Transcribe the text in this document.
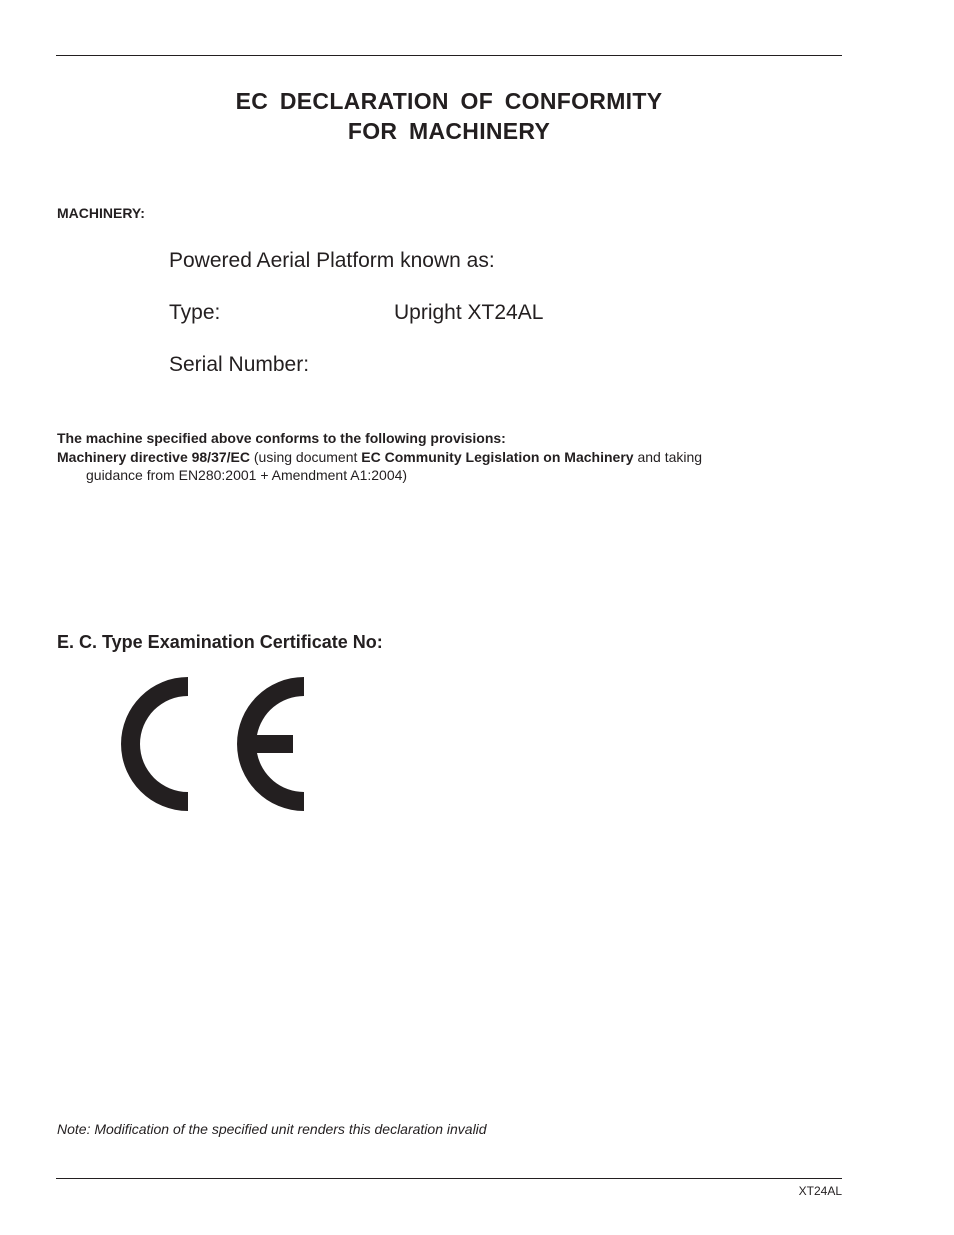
EC DECLARATION OF CONFORMITY
FOR MACHINERY
MACHINERY:
Powered Aerial Platform known as:
Type:	Upright XT24AL
Serial Number:
The machine specified above conforms to the following provisions:
Machinery directive 98/37/EC (using document EC Community Legislation on Machinery and taking
guidance from EN280:2001 + Amendment A1:2004)
E. C. Type Examination Certificate No:
Note: Modification of the specified unit renders this declaration invalid
XT24AL
